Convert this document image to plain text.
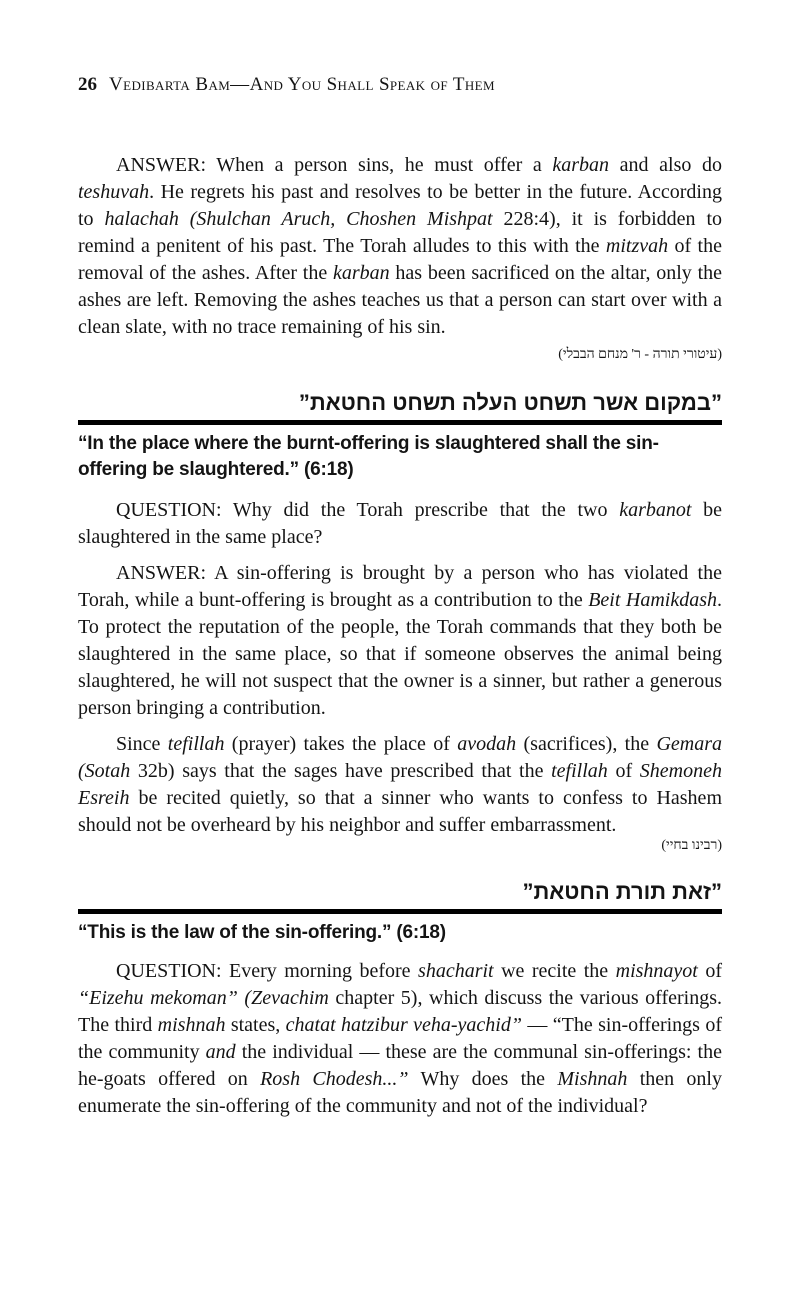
26 Vedibarta Bam—And You Shall Speak of Them

ANSWER: When a person sins, he must offer a karban and also do teshuvah. He regrets his past and resolves to be better in the future. According to halachah (Shulchan Aruch, Choshen Mishpat 228:4), it is forbidden to remind a penitent of his past. The Torah alludes to this with the mitzvah of the removal of the ashes. After the karban has been sacrificed on the altar, only the ashes are left. Removing the ashes teaches us that a person can start over with a clean slate, with no trace remaining of his sin.

(עיטורי תורה - ר' מנחם הבבלי)
”במקום אשר תשחט העלה תשחט החטאת”
“In the place where the burnt-offering is slaughtered shall the sin-offering be slaughtered.” (6:18)

QUESTION: Why did the Torah prescribe that the two karbanot be slaughtered in the same place?

ANSWER: A sin-offering is brought by a person who has violated the Torah, while a bunt-offering is brought as a contribution to the Beit Hamikdash. To protect the reputation of the people, the Torah commands that they both be slaughtered in the same place, so that if someone observes the animal being slaughtered, he will not suspect that the owner is a sinner, but rather a generous person bringing a contribution.

Since tefillah (prayer) takes the place of avodah (sacrifices), the Gemara (Sotah 32b) says that the sages have prescribed that the tefillah of Shemoneh Esreih be recited quietly, so that a sinner who wants to confess to Hashem should not be overheard by his neighbor and suffer embarrassment.

(רבינו בחיי)
”זאת תורת החטאת”
“This is the law of the sin-offering.” (6:18)

QUESTION: Every morning before shacharit we recite the mishnayot of “Eizehu mekoman” (Zevachim chapter 5), which discuss the various offerings. The third mishnah states, chatat hatzibur veha-yachid” — “The sin-offerings of the community and the individual — these are the communal sin-offerings: the he-goats offered on Rosh Chodesh...” Why does the Mishnah then only enumerate the sin-offering of the community and not of the individual?
